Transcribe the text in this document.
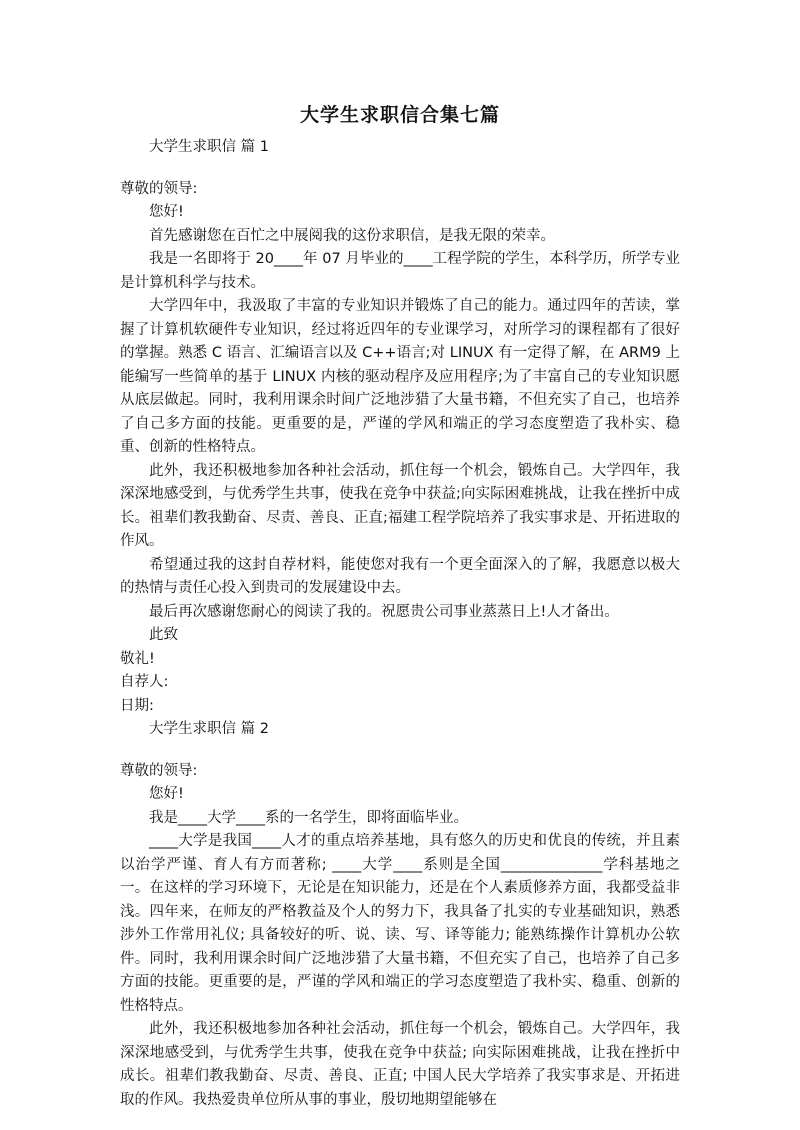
大学生求职信合集七篇
大学生求职信 篇 1

尊敬的领导:

您好!

首先感谢您在百忙之中展阅我的这份求职信，是我无限的荣幸。

我是一名即将于 20____年 07 月毕业的____工程学院的学生，本科学历，所学专业是计算机科学与技术。

大学四年中，我汲取了丰富的专业知识并锻炼了自己的能力。通过四年的苦读，掌握了计算机软硬件专业知识，经过将近四年的专业课学习，对所学习的课程都有了很好的掌握。熟悉 C 语言、汇编语言以及 C++语言;对 LINUX 有一定得了解，在 ARM9 上能编写一些简单的基于 LINUX 内核的驱动程序及应用程序;为了丰富自己的专业知识愿从底层做起。同时，我利用课余时间广泛地涉猎了大量书籍，不但充实了自己，也培养了自己多方面的技能。更重要的是，严谨的学风和端正的学习态度塑造了我朴实、稳重、创新的性格特点。

此外，我还积极地参加各种社会活动，抓住每一个机会，锻炼自己。大学四年，我深深地感受到，与优秀学生共事，使我在竞争中获益;向实际困难挑战，让我在挫折中成长。祖辈们教我勤奋、尽责、善良、正直;福建工程学院培养了我实事求是、开拓进取的作风。

希望通过我的这封自荐材料，能使您对我有一个更全面深入的了解，我愿意以极大的热情与责任心投入到贵司的发展建设中去。

最后再次感谢您耐心的阅读了我的。祝愿贵公司事业蒸蒸日上!人才备出。

此致

敬礼!

自荐人:

日期:

大学生求职信 篇 2

尊敬的领导:

您好!

我是____大学____系的一名学生，即将面临毕业。

____大学是我国____人才的重点培养基地，具有悠久的历史和优良的传统，并且素以治学严谨、育人有方而著称; ____大学____系则是全国______________学科基地之一。在这样的学习环境下，无论是在知识能力，还是在个人素质修养方面，我都受益非浅。四年来，在师友的严格教益及个人的努力下，我具备了扎实的专业基础知识，熟悉涉外工作常用礼仪; 具备较好的听、说、读、写、译等能力; 能熟练操作计算机办公软件。同时，我利用课余时间广泛地涉猎了大量书籍，不但充实了自己，也培养了自己多方面的技能。更重要的是，严谨的学风和端正的学习态度塑造了我朴实、稳重、创新的性格特点。

此外，我还积极地参加各种社会活动，抓住每一个机会，锻炼自己。大学四年，我深深地感受到，与优秀学生共事，使我在竞争中获益; 向实际困难挑战，让我在挫折中成长。祖辈们教我勤奋、尽责、善良、正直; 中国人民大学培养了我实事求是、开拓进取的作风。我热爱贵单位所从事的事业，殷切地期望能够在
